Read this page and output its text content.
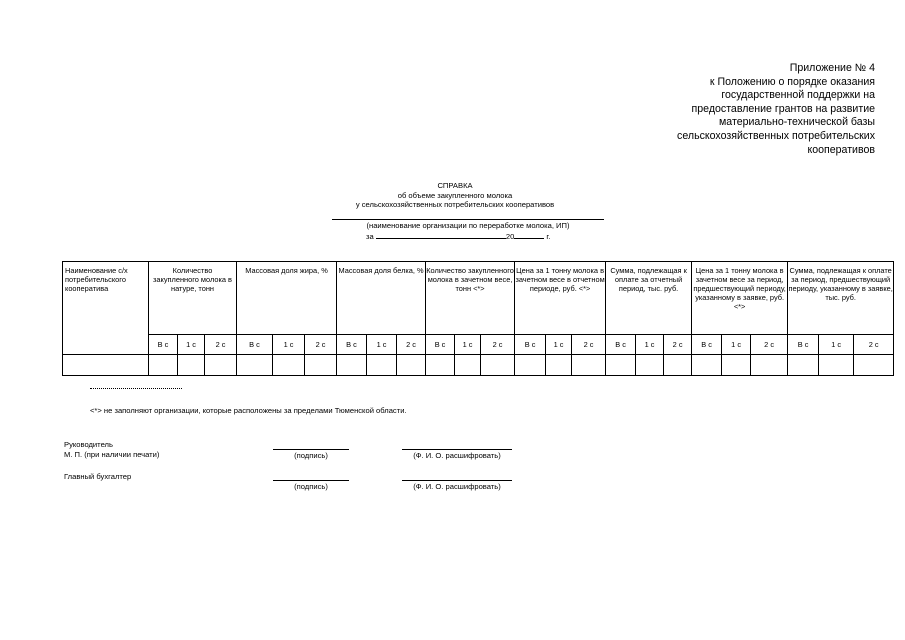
Приложение № 4
к Положению о порядке оказания
государственной поддержки на
предоставление грантов на развитие
материально-технической базы
сельскохозяйственных потребительских
кооперативов
СПРАВКА
об объеме закупленного молока
у сельскохозяйственных потребительских кооперативов
(наименование организации по переработке молока, ИП)
за	20	г.
Наименование с/х потребительского кооператива	Количество закупленного молока в натуре, тонн			Массовая доля жира, %			Массовая доля белка, %			Количество закупленного молока в зачетном весе, тонн <*>			Цена за 1 тонну молока в зачетном весе в отчетном периоде, руб. <*>			Сумма, подлежащая к оплате за отчетный период, тыс. руб.			Цена за 1 тонну молока в зачетном весе за период, предшествующий периоду, указанному в заявке, руб. <*>			Сумма, подлежащая к оплате за период, предшествующий периоду, указанному в заявке, тыс. руб.		
	В с	1 с	2 с	В с	1 с	2 с	В с	1 с	2 с	В с	1 с	2 с	В с	1 с	2 с	В с	1 с	2 с	В с	1 с	2 с	В с	1 с	2 с

<*> не заполняют организации, которые расположены за пределами Тюменской области.
Руководитель
М. П. (при наличии печати)	(подпись)	(Ф. И. О. расшифровать)
Главный бухгалтер
(подпись)	(Ф. И. О. расшифровать)
